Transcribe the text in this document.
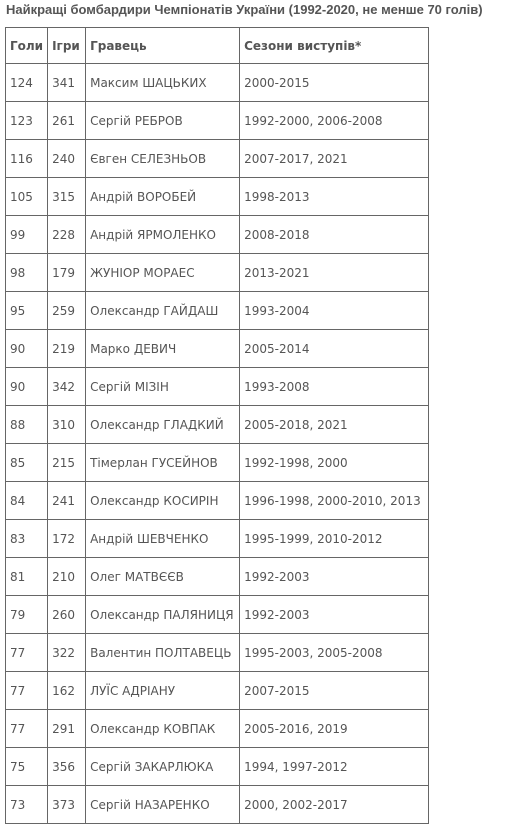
Найкращі бомбардири Чемпіонатів України (1992-2020, не менше 70 голів)
Голи	Ігри	Гравець	Сезони виступів*
124	341	Максим ШАЦЬКИХ	2000-2015
123	261	Сергій РЕБРОВ	1992-2000, 2006-2008
116	240	Євген СЕЛЕЗНЬОВ	2007-2017, 2021
105	315	Андрій ВОРОБЕЙ	1998-2013
99	228	Андрій ЯРМОЛЕНКО	2008-2018
98	179	ЖУНІОР МОРАЕС	2013-2021
95	259	Олександр ГАЙДАШ	1993-2004
90	219	Марко ДЕВИЧ	2005-2014
90	342	Сергій МІЗІН	1993-2008
88	310	Олександр ГЛАДКИЙ	2005-2018, 2021
85	215	Тімерлан ГУСЕЙНОВ	1992-1998, 2000
84	241	Олександр КОСИРІН	1996-1998, 2000-2010, 2013
83	172	Андрій ШЕВЧЕНКО	1995-1999, 2010-2012
81	210	Олег МАТВЄЄВ	1992-2003
79	260	Олександр ПАЛЯНИЦЯ	1992-2003
77	322	Валентин ПОЛТАВЕЦЬ	1995-2003, 2005-2008
77	162	ЛУЇС АДРІАНУ	2007-2015
77	291	Олександр КОВПАК	2005-2016, 2019
75	356	Сергій ЗАКАРЛЮКА	1994, 1997-2012
73	373	Сергій НАЗАРЕНКО	2000, 2002-2017
